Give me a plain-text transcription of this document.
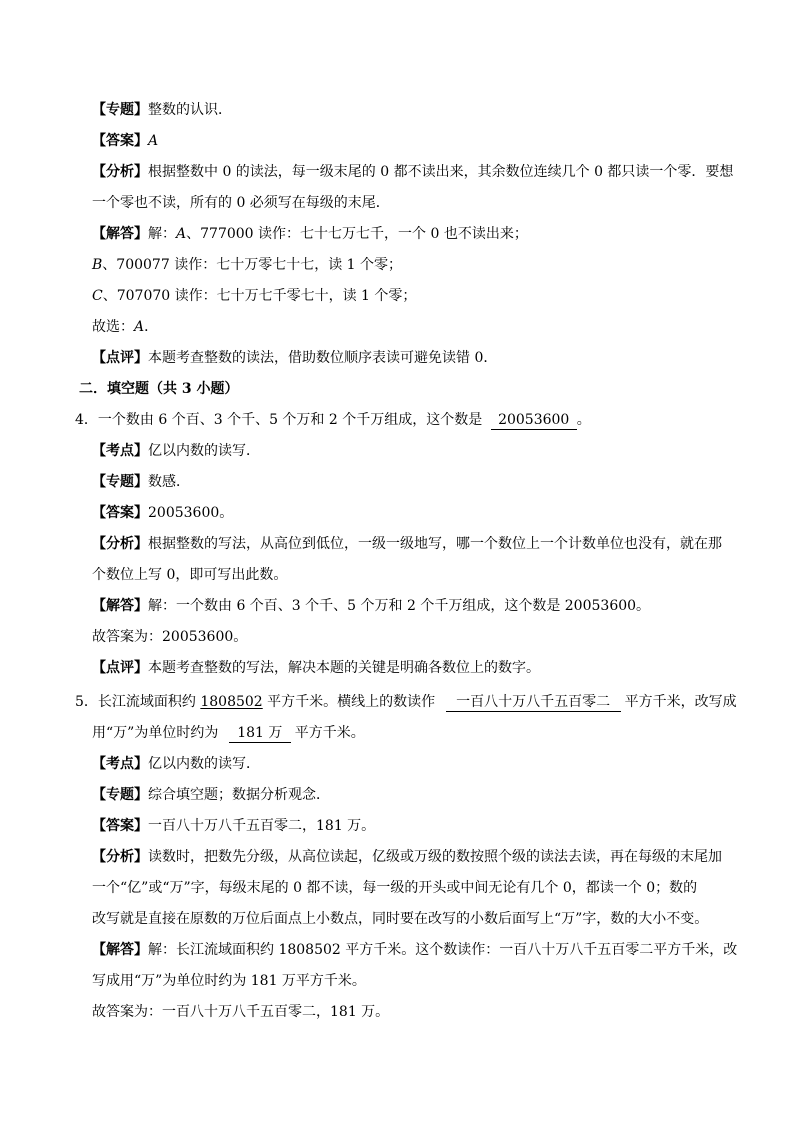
【专题】整数的认识．
【答案】A
【分析】根据整数中 0 的读法，每一级末尾的 0 都不读出来，其余数位连续几个 0 都只读一个零．要想
一个零也不读，所有的 0 必须写在每级的末尾．
【解答】解：A、777000 读作：七十七万七千，一个 0 也不读出来；
B、700077 读作：七十万零七十七，读 1 个零；
C、707070 读作：七十万七千零七十，读 1 个零；
故选：A．
【点评】本题考查整数的读法，借助数位顺序表读可避免读错 0．
二．填空题（共 3 小题）
4．一个数由 6 个百、3 个千、5 个万和 2 个千万组成，这个数是 20053600 。
【考点】亿以内数的读写．
【专题】数感．
【答案】20053600。
【分析】根据整数的写法，从高位到低位，一级一级地写，哪一个数位上一个计数单位也没有，就在那
个数位上写 0，即可写出此数。
【解答】解：一个数由 6 个百、3 个千、5 个万和 2 个千万组成，这个数是 20053600。
故答案为：20053600。
【点评】本题考查整数的写法，解决本题的关键是明确各数位上的数字。
5．长江流域面积约 1808502 平方千米。横线上的数读作 一百八十万八千五百零二 平方千米，改写成
用“万”为单位时约为 181 万 平方千米。
【考点】亿以内数的读写．
【专题】综合填空题；数据分析观念．
【答案】一百八十万八千五百零二，181 万。
【分析】读数时，把数先分级，从高位读起，亿级或万级的数按照个级的读法去读，再在每级的末尾加
一个“亿”或“万”字，每级末尾的 0 都不读，每一级的开头或中间无论有几个 0，都读一个 0；数的
改写就是直接在原数的万位后面点上小数点，同时要在改写的小数后面写上“万”字，数的大小不变。
【解答】解：长江流域面积约 1808502 平方千米。这个数读作：一百八十万八千五百零二平方千米，改
写成用“万”为单位时约为 181 万平方千米。
故答案为：一百八十万八千五百零二，181 万。
